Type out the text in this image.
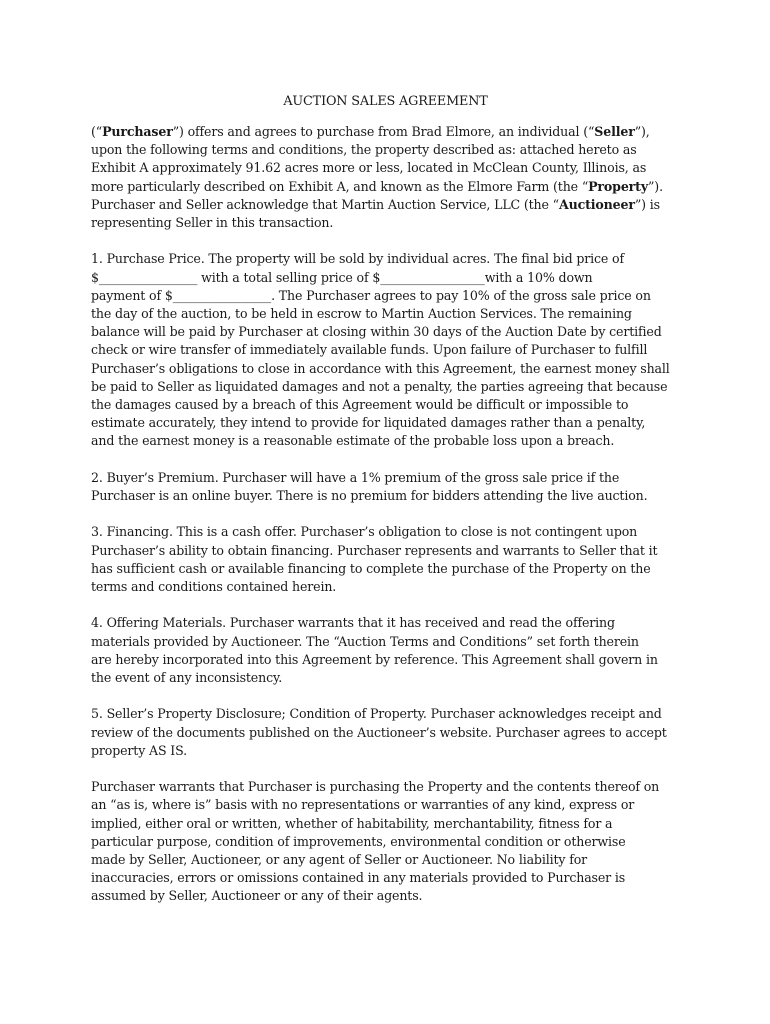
AUCTION SALES AGREEMENT

(“Purchaser”) offers and agrees to purchase from Brad Elmore, an individual (“Seller”),
upon the following terms and conditions, the property described as: attached hereto as
Exhibit A approximately 91.62 acres more or less, located in McClean County, Illinois, as
more particularly described on Exhibit A, and known as the Elmore Farm (the “Property”).
Purchaser and Seller acknowledge that Martin Auction Service, LLC (the “Auctioneer”) is
representing Seller in this transaction.

1. Purchase Price. The property will be sold by individual acres. The final bid price of
$________________ with a total selling price of $_________________with a 10% down
payment of $________________. The Purchaser agrees to pay 10% of the gross sale price on
the day of the auction, to be held in escrow to Martin Auction Services. The remaining
balance will be paid by Purchaser at closing within 30 days of the Auction Date by certified
check or wire transfer of immediately available funds. Upon failure of Purchaser to fulfill
Purchaser’s obligations to close in accordance with this Agreement, the earnest money shall
be paid to Seller as liquidated damages and not a penalty, the parties agreeing that because
the damages caused by a breach of this Agreement would be difficult or impossible to
estimate accurately, they intend to provide for liquidated damages rather than a penalty,
and the earnest money is a reasonable estimate of the probable loss upon a breach.

2. Buyer’s Premium. Purchaser will have a 1% premium of the gross sale price if the
Purchaser is an online buyer. There is no premium for bidders attending the live auction.

3. Financing. This is a cash offer. Purchaser’s obligation to close is not contingent upon
Purchaser’s ability to obtain financing. Purchaser represents and warrants to Seller that it
has sufficient cash or available financing to complete the purchase of the Property on the
terms and conditions contained herein.

4. Offering Materials. Purchaser warrants that it has received and read the offering
materials provided by Auctioneer. The “Auction Terms and Conditions” set forth therein
are hereby incorporated into this Agreement by reference. This Agreement shall govern in
the event of any inconsistency.

5. Seller’s Property Disclosure; Condition of Property. Purchaser acknowledges receipt and
review of the documents published on the Auctioneer’s website. Purchaser agrees to accept
property AS IS.

Purchaser warrants that Purchaser is purchasing the Property and the contents thereof on
an “as is, where is” basis with no representations or warranties of any kind, express or
implied, either oral or written, whether of habitability, merchantability, fitness for a
particular purpose, condition of improvements, environmental condition or otherwise
made by Seller, Auctioneer, or any agent of Seller or Auctioneer. No liability for
inaccuracies, errors or omissions contained in any materials provided to Purchaser is
assumed by Seller, Auctioneer or any of their agents.
